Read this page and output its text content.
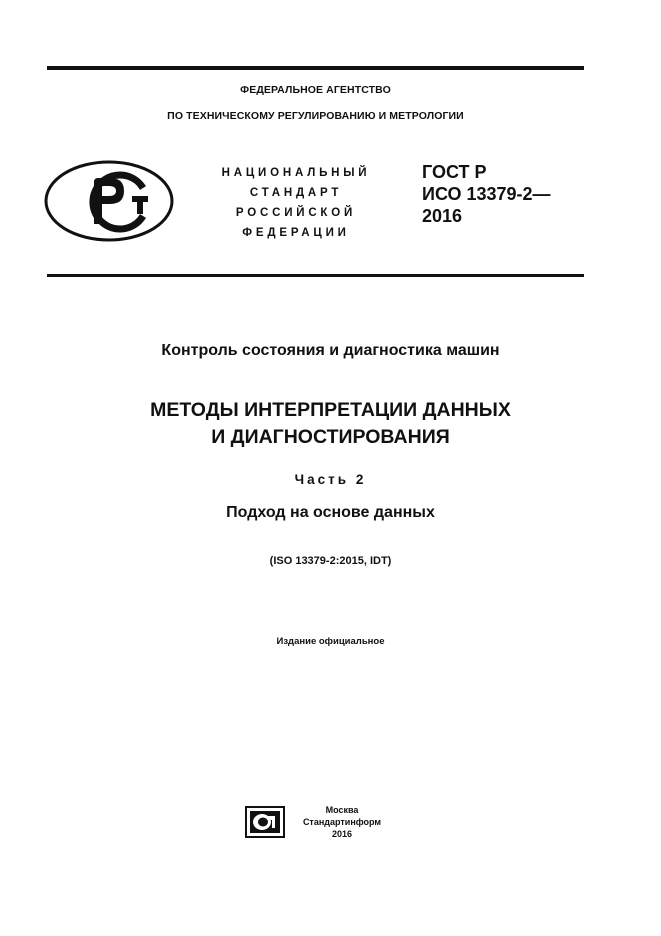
ФЕДЕРАЛЬНОЕ АГЕНТСТВО
ПО ТЕХНИЧЕСКОМУ РЕГУЛИРОВАНИЮ И МЕТРОЛОГИИ
РСТ
НАЦИОНАЛЬНЫЙ
СТАНДАРТ
РОССИЙСКОЙ
ФЕДЕРАЦИИ
ГОСТ Р
ИСО 13379-2—
2016
Контроль состояния и диагностика машин
МЕТОДЫ ИНТЕРПРЕТАЦИИ ДАННЫХ
И ДИАГНОСТИРОВАНИЯ
Часть 2
Подход на основе данных
(ISO 13379-2:2015, IDT)
Издание официальное
Москва
Стандартинформ
2016
